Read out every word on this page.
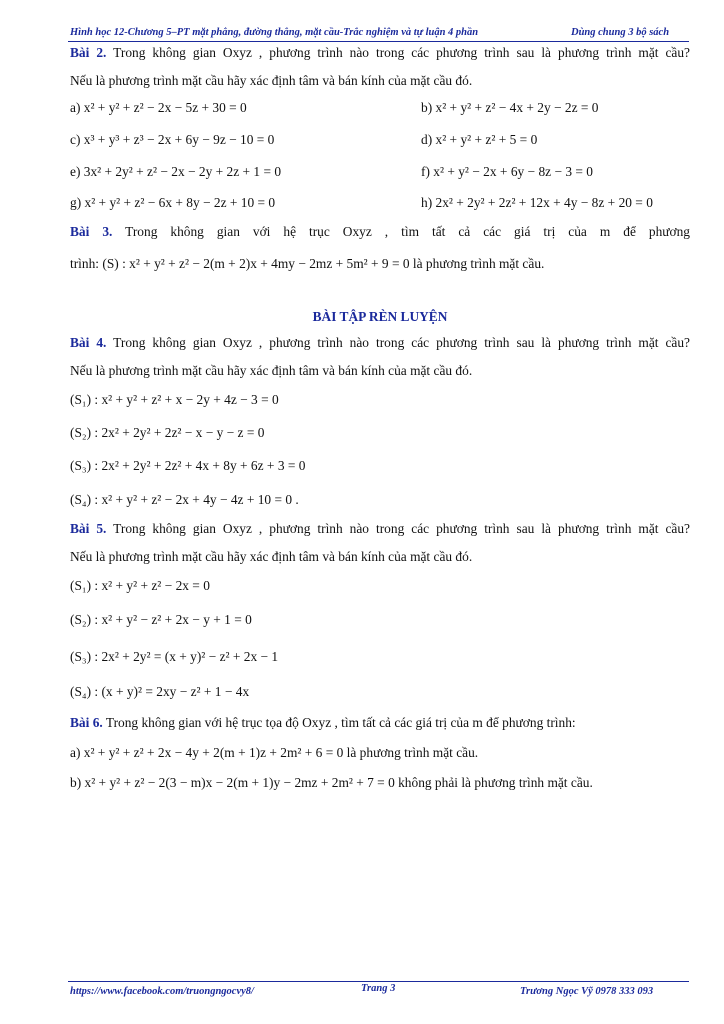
Hình học 12-Chương 5–PT mặt phẳng, đường thẳng, mặt cầu-Trắc nghiệm và tự luận 4 phần	Dùng chung 3 bộ sách
Bài 2. Trong không gian Oxyz , phương trình nào trong các phương trình sau là phương trình mặt cầu?
Nếu là phương trình mặt cầu hãy xác định tâm và bán kính của mặt cầu đó.
a) x² + y² + z² − 2x − 5z + 30 = 0	b) x² + y² + z² − 4x + 2y − 2z = 0
c) x³ + y³ + z³ − 2x + 6y − 9z − 10 = 0	d) x² + y² + z² + 5 = 0
e) 3x² + 2y² + z² − 2x − 2y + 2z + 1 = 0	f) x² + y² − 2x + 6y − 8z − 3 = 0
g) x² + y² + z² − 6x + 8y − 2z + 10 = 0	h) 2x² + 2y² + 2z² + 12x + 4y − 8z + 20 = 0
Bài 3. Trong không gian với hệ trục Oxyz , tìm tất cả các giá trị của m để phương
trình: (S) : x² + y² + z² − 2(m + 2)x + 4my − 2mz + 5m² + 9 = 0 là phương trình mặt cầu.
BÀI TẬP RÈN LUYỆN
Bài 4. Trong không gian Oxyz , phương trình nào trong các phương trình sau là phương trình mặt cầu?
Nếu là phương trình mặt cầu hãy xác định tâm và bán kính của mặt cầu đó.
(S₁) : x² + y² + z² + x − 2y + 4z − 3 = 0
(S₂) : 2x² + 2y² + 2z² − x − y − z = 0
(S₃) : 2x² + 2y² + 2z² + 4x + 8y + 6z + 3 = 0
(S₄) : x² + y² + z² − 2x + 4y − 4z + 10 = 0 .
Bài 5. Trong không gian Oxyz , phương trình nào trong các phương trình sau là phương trình mặt cầu?
Nếu là phương trình mặt cầu hãy xác định tâm và bán kính của mặt cầu đó.
(S₁) : x² + y² + z² − 2x = 0
(S₂) : x² + y² − z² + 2x − y + 1 = 0
(S₃) : 2x² + 2y² = (x + y)² − z² + 2x − 1
(S₄) : (x + y)² = 2xy − z² + 1 − 4x
Bài 6. Trong không gian với hệ trục tọa độ Oxyz , tìm tất cả các giá trị của m để phương trình:
a) x² + y² + z² + 2x − 4y + 2(m + 1)z + 2m² + 6 = 0 là phương trình mặt cầu.
b) x² + y² + z² − 2(3 − m)x − 2(m + 1)y − 2mz + 2m² + 7 = 0 không phải là phương trình mặt cầu.
https://www.facebook.com/truongngocvy8/	Trang 3	Trương Ngọc Vỹ 0978 333 093
